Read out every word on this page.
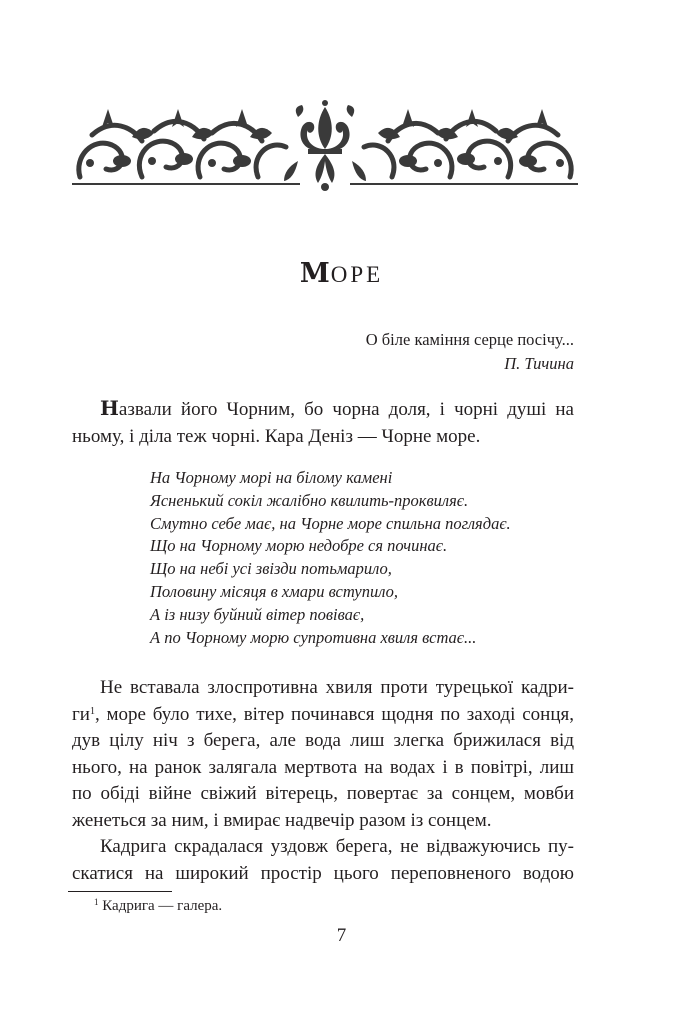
МОРЕ
О біле каміння серце посічу...
П. Тичина
Назвали його Чорним, бо чорна доля, і чорні душі на
ньому, і діла теж чорні. Кара Деніз — Чорне море.
На Чорному морі на білому камені
Ясненький сокіл жалібно квилить-проквиляє.
Смутно себе має, на Чорне море спильна поглядає.
Що на Чорному морю недобре ся починає.
Що на небі усі звізди потьмарило,
Половину місяця в хмари вступило,
А із низу буйний вітер повіває,
А по Чорному морю супротивна хвиля встає...
Не вставала злоспротивна хвиля проти турецької кадри-
$ги^1$, море було тихе, вітер починався щодня по заході сонця,
дув цілу ніч з берега, але вода лиш злегка брижилася від
нього, на ранок залягала мертвота на водах і в повітрі, лиш
по обіді війне свіжий вітерець, повертає за сонцем, мовби
женеться за ним, і вмирає надвечір разом із сонцем.
Кадрига скрадалася уздовж берега, не відважуючись пу-
скатися на широкий простір цього переповненого водою
$^1$ Кадрига — галера.
7
